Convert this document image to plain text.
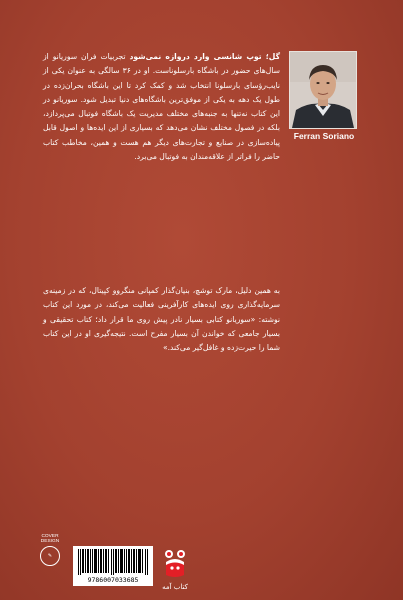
Ferran Soriano
گل؛ توپ شانسی وارد دروازه نمی‌شود تجربیات فران سوریانو از سال‌های حضور در باشگاه بارسلوناست. او در ۳۶ سالگی به عنوان یکی از نایب‌رؤسای بارسلونا انتخاب شد و کمک کرد تا این باشگاه بحران‌زده در طول یک دهه به یکی از موفق‌ترین باشگاه‌های دنیا تبدیل شود. سوریانو در این کتاب نه‌تنها به جنبه‌های مختلف مدیریت یک باشگاه فوتبال می‌پردازد، بلکه در فصول مختلف نشان می‌دهد که بسیاری از این ایده‌ها و اصول قابل پیاده‌سازی در صنایع و تجارت‌های دیگر هم هست و همین، مخاطب کتاب حاضر را فراتر از علاقه‌مندان به فوتبال می‌برد.
به همین دلیل، مارک توشچ، بنیان‌گذار کمپانی منگروو کپیتال، که در زمینه‌ی سرمایه‌گذاری روی ایده‌های کارآفرینی فعالیت می‌کند، در مورد این کتاب نوشته: «سوریانو کتابی بسیار نادر پیش روی ما قرار داد؛ کتاب تحقیقی و بسیار جامعی که خواندن آن بسیار مفرح است. نتیجه‌گیری او در این کتاب شما را حیرت‌زده و غافل‌گیر می‌کند.»
COVER
DESIGN
✎
9786007033685
کتاب آمه
